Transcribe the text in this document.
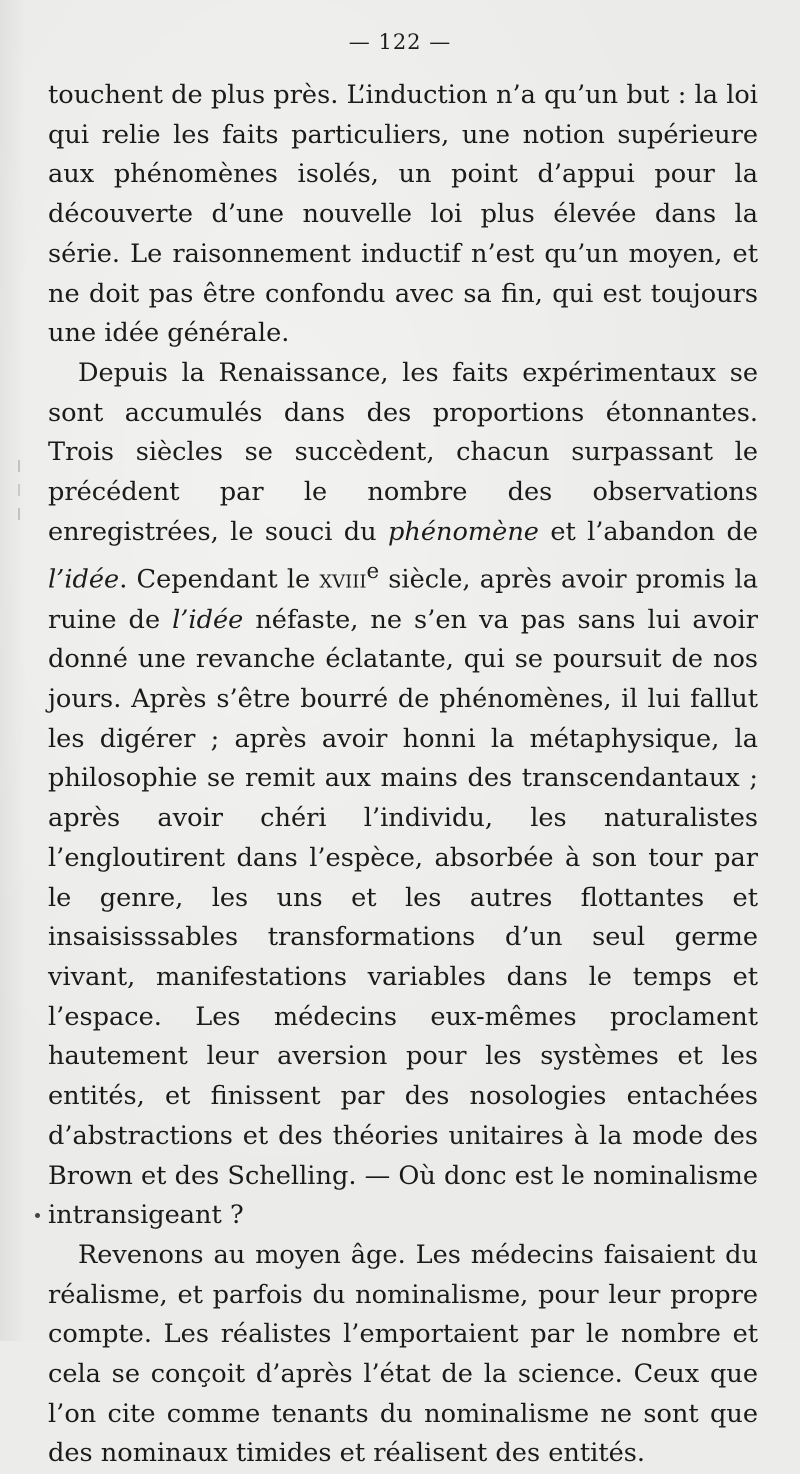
— 122 —

touchent de plus près. L’induction n’a qu’un but : la loi qui relie les faits particuliers, une notion supérieure aux phénomènes isolés, un point d’appui pour la découverte d’une nouvelle loi plus élevée dans la série. Le raisonnement inductif n’est qu’un moyen, et ne doit pas être confondu avec sa fin, qui est toujours une idée générale.

Depuis la Renaissance, les faits expérimentaux se sont accumulés dans des proportions étonnantes. Trois siècles se succèdent, chacun surpassant le précédent par le nombre des observations enregistrées, le souci du phénomène et l’abandon de l’idée. Cependant le xviii$^e$ siècle, après avoir promis la ruine de l’idée néfaste, ne s’en va pas sans lui avoir donné une revanche éclatante, qui se poursuit de nos jours. Après s’être bourré de phénomènes, il lui fallut les digérer ; après avoir honni la métaphysique, la philosophie se remit aux mains des transcendantaux ; après avoir chéri l’individu, les naturalistes l’engloutirent dans l’espèce, absorbée à son tour par le genre, les uns et les autres flottantes et insaisisssables transformations d’un seul germe vivant, manifestations variables dans le temps et l’espace. Les médecins eux-mêmes proclament hautement leur aversion pour les systèmes et les entités, et finissent par des nosologies entachées d’abstractions et des théories unitaires à la mode des Brown et des Schelling. — Où donc est le nominalisme intransigeant ?

Revenons au moyen âge. Les médecins faisaient du réalisme, et parfois du nominalisme, pour leur propre compte. Les réalistes l’emportaient par le nombre et cela se conçoit d’après l’état de la science. Ceux que l’on cite comme tenants du nominalisme ne sont que des nominaux timides et réalisent des entités.
